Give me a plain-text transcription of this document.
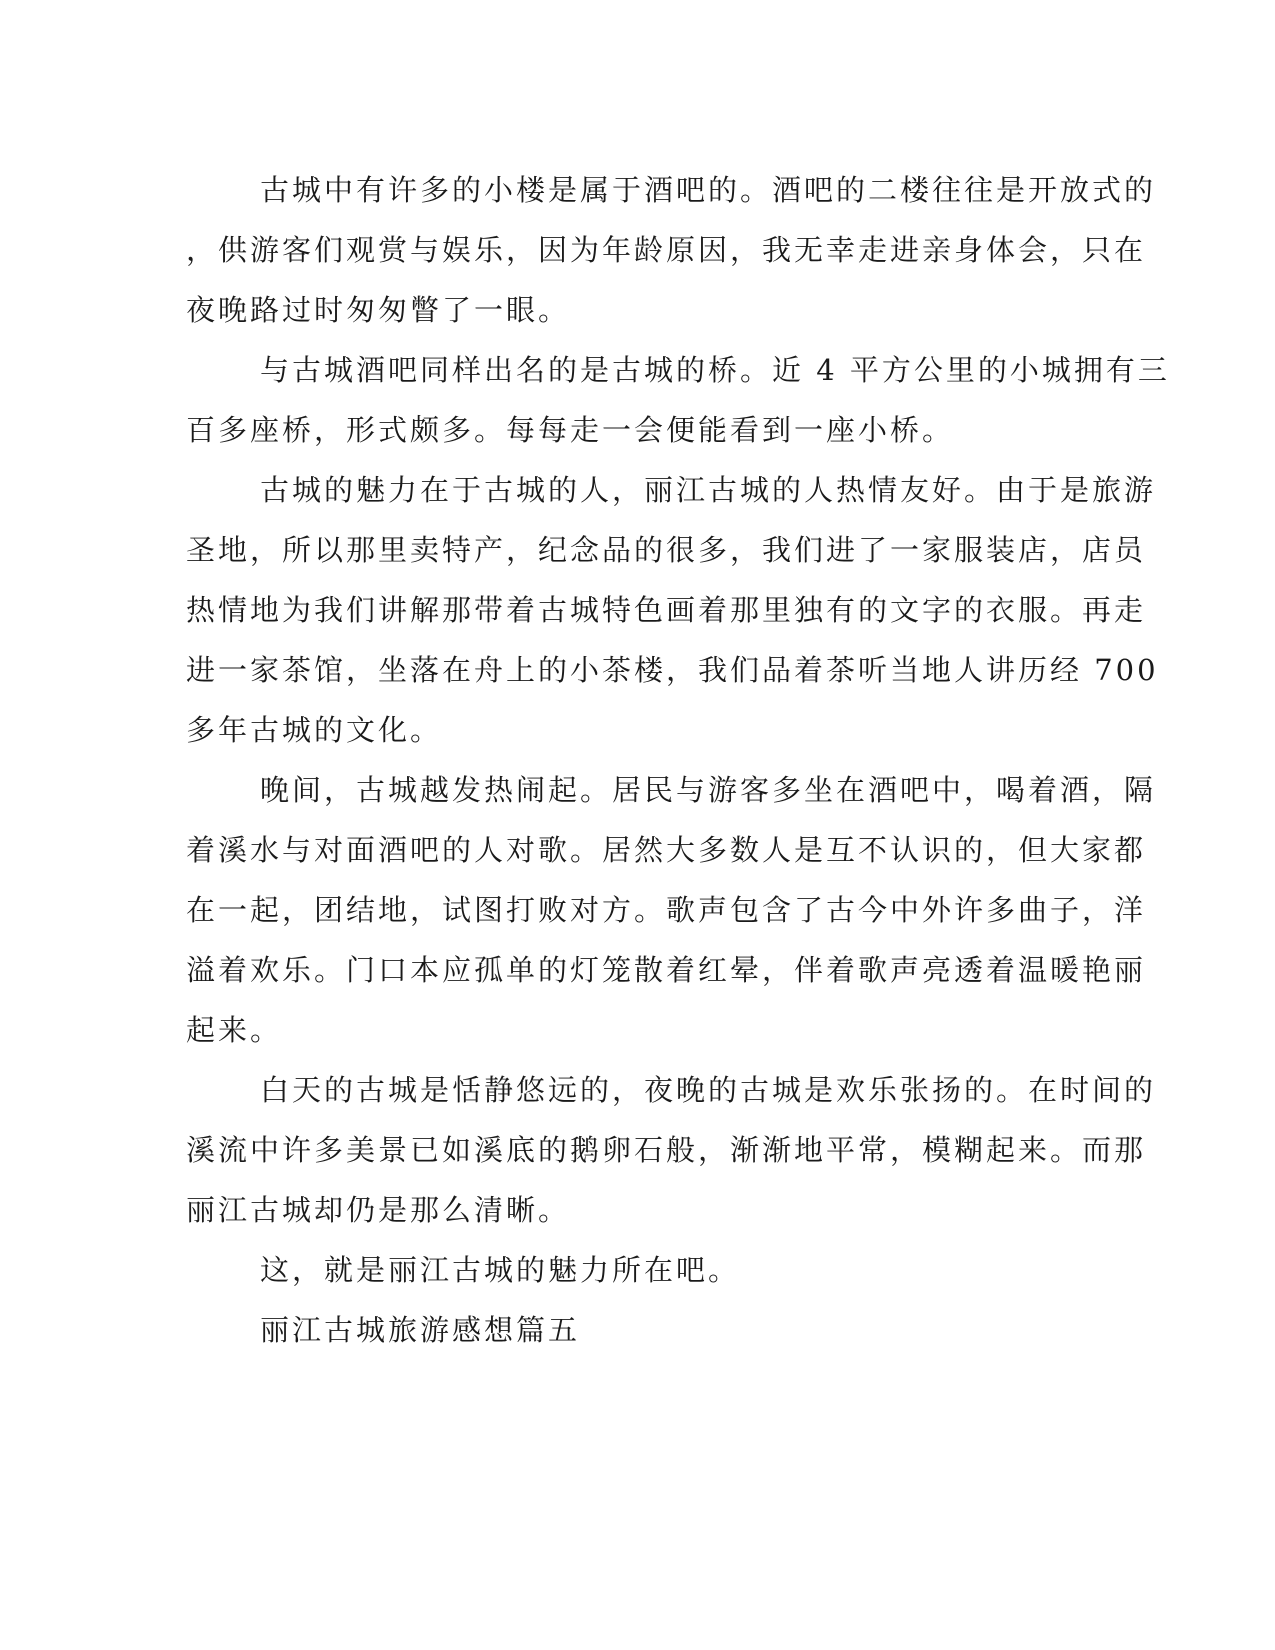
古城中有许多的小楼是属于酒吧的。酒吧的二楼往往是开放式的
，供游客们观赏与娱乐，因为年龄原因，我无幸走进亲身体会，只在
夜晚路过时匆匆瞥了一眼。
与古城酒吧同样出名的是古城的桥。近 4 平方公里的小城拥有三
百多座桥，形式颇多。每每走一会便能看到一座小桥。
古城的魅力在于古城的人，丽江古城的人热情友好。由于是旅游
圣地，所以那里卖特产，纪念品的很多，我们进了一家服装店，店员
热情地为我们讲解那带着古城特色画着那里独有的文字的衣服。再走
进一家茶馆，坐落在舟上的小茶楼，我们品着茶听当地人讲历经 700
多年古城的文化。
晚间，古城越发热闹起。居民与游客多坐在酒吧中，喝着酒，隔
着溪水与对面酒吧的人对歌。居然大多数人是互不认识的，但大家都
在一起，团结地，试图打败对方。歌声包含了古今中外许多曲子，洋
溢着欢乐。门口本应孤单的灯笼散着红晕，伴着歌声亮透着温暖艳丽
起来。
白天的古城是恬静悠远的，夜晚的古城是欢乐张扬的。在时间的
溪流中许多美景已如溪底的鹅卵石般，渐渐地平常，模糊起来。而那
丽江古城却仍是那么清晰。
这，就是丽江古城的魅力所在吧。
丽江古城旅游感想篇五
